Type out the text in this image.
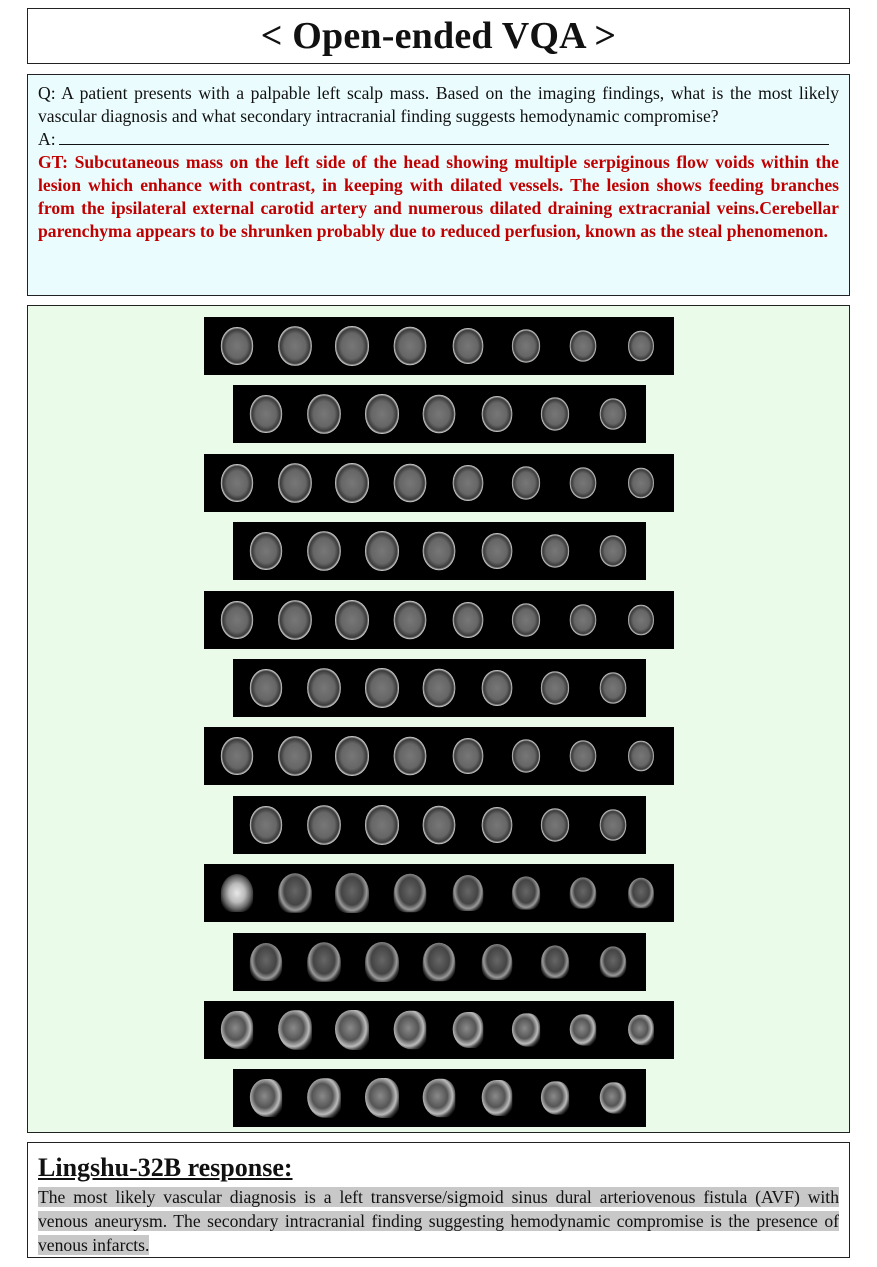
< Open-ended VQA >
Q: A patient presents with a palpable left scalp mass. Based on the imaging findings, what is the most likely vascular diagnosis and what secondary intracranial finding suggests hemodynamic compromise?
A:
GT: Subcutaneous mass on the left side of the head showing multiple serpiginous flow voids within the lesion which enhance with contrast, in keeping with dilated vessels. The lesion shows feeding branches from the ipsilateral external carotid artery and numerous dilated draining extracranial veins.Cerebellar parenchyma appears to be shrunken probably due to reduced perfusion, known as the steal phenomenon.
Lingshu-32B response:
The most likely vascular diagnosis is a left transverse/sigmoid sinus dural arteriovenous fistula (AVF) with venous aneurysm. The secondary intracranial finding suggesting hemodynamic compromise is the presence of venous infarcts.
